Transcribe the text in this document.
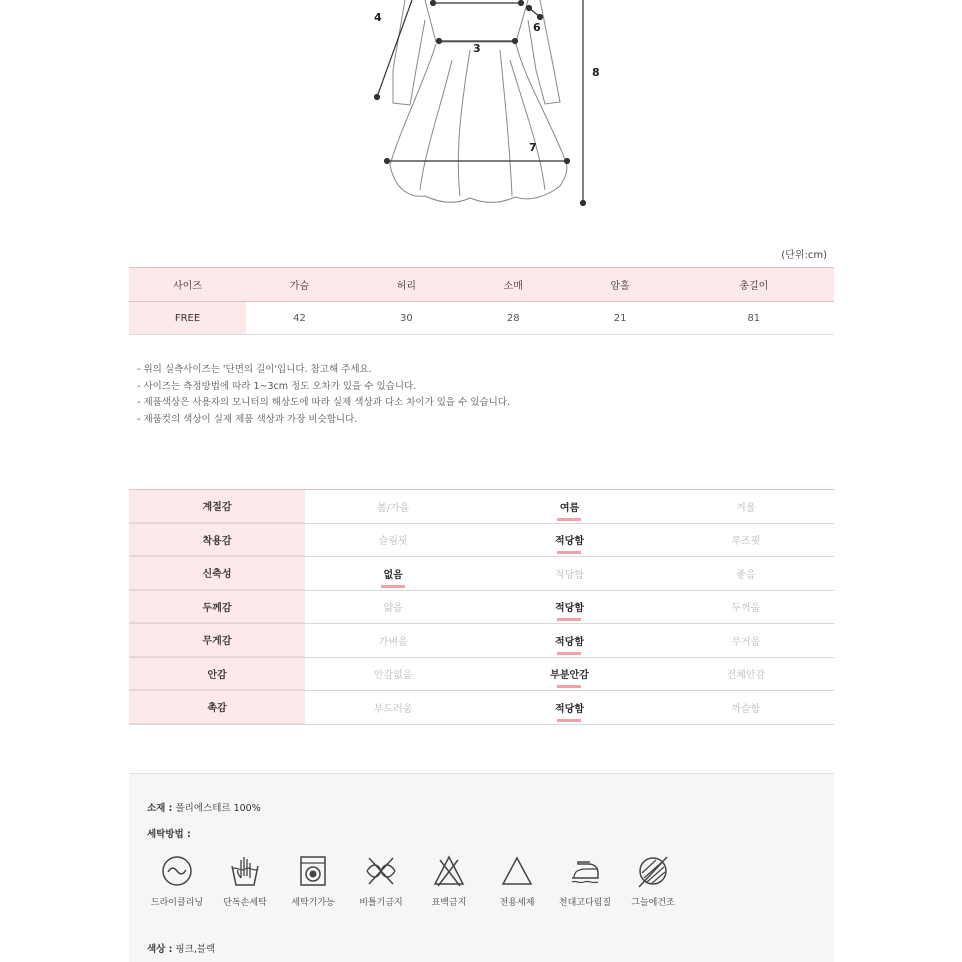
4
6
3
8
7
(단위:cm)
사이즈	가슴	허리	소매	암홀	총길이
FREE	42	30	28	21	81
- 위의 실측사이즈는 '단면의 길이'입니다. 참고해 주세요.
- 사이즈는 측정방법에 따라 1~3cm 정도 오차가 있을 수 있습니다.
- 제품색상은 사용자의 모니터의 해상도에 따라 실제 색상과 다소 차이가 있을 수 있습니다.
- 제품컷의 색상이 실제 제품 색상과 가장 비슷합니다.
계절감	봄/가을	여름	겨울
착용감	슬림핏	적당함	루즈핏
신축성	없음	적당함	좋음
두께감	얇음	적당함	두꺼움
무게감	가벼움	적당함	무거움
안감	안감없음	부분안감	전체안감
촉감	부드러움	적당함	까슬함
소재 : 폴리에스테르 100%
세탁방법 :
드라이클리닝 단독손세탁	세탁기가능	비틀기금지	표백금지	전용세제	천대고다림질 그늘에건조
색상 : 핑크,블랙
